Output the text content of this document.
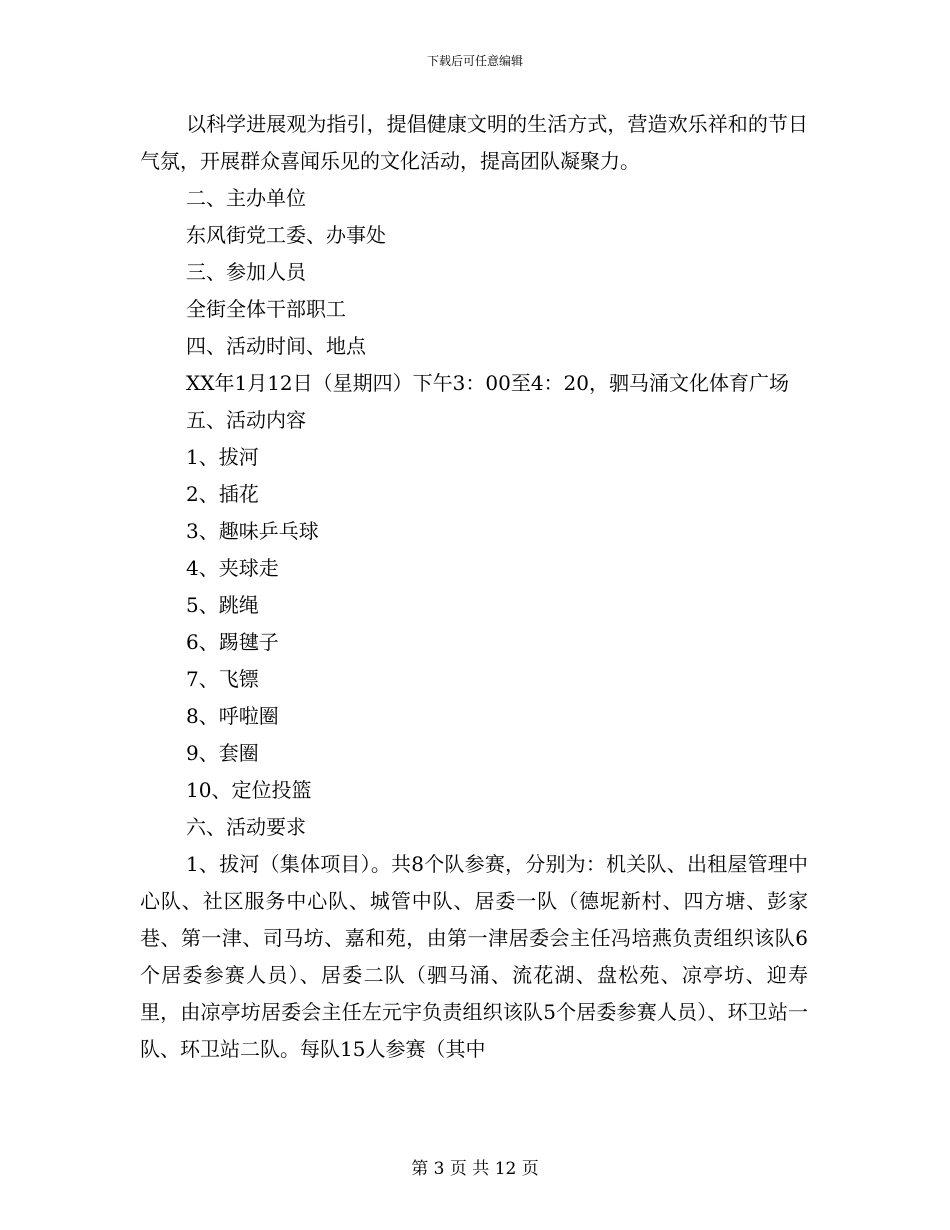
下载后可任意编辑

以科学进展观为指引，提倡健康文明的生活方式，营造欢乐祥和的节日气氛，开展群众喜闻乐见的文化活动，提高团队凝聚力。

二、主办单位

东风街党工委、办事处

三、参加人员

全街全体干部职工

四、活动时间、地点

XX年1月12日（星期四）下午3：00至4：20，驷马涌文化体育广场

五、活动内容

1、拔河

2、插花

3、趣味乒乓球

4、夹球走

5、跳绳

6、踢毽子

7、飞镖

8、呼啦圈

9、套圈

10、定位投篮

六、活动要求

1、拔河（集体项目）。共8个队参赛，分别为：机关队、出租屋管理中心队、社区服务中心队、城管中队、居委一队（德坭新村、四方塘、彭家巷、第一津、司马坊、嘉和苑，由第一津居委会主任冯培燕负责组织该队6个居委参赛人员）、居委二队（驷马涌、流花湖、盘松苑、凉亭坊、迎寿里，由凉亭坊居委会主任左元宇负责组织该队5个居委参赛人员）、环卫站一队、环卫站二队。每队15人参赛（其中

第 3 页 共 12 页
